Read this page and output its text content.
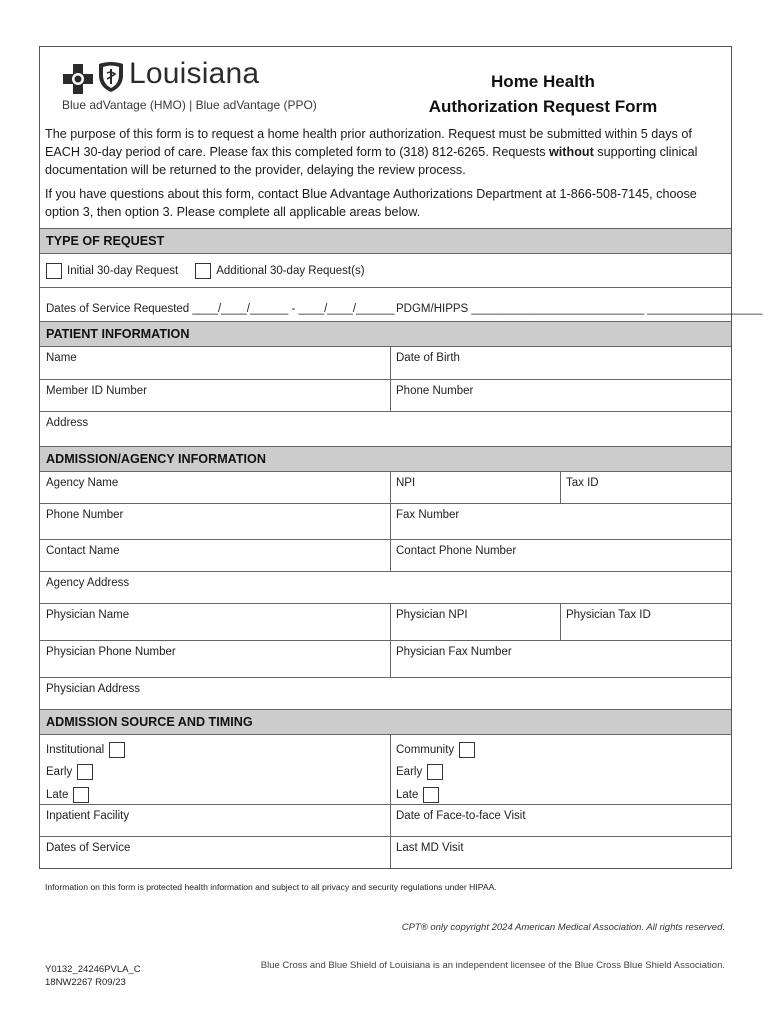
Louisiana
Blue adVantage (HMO) | Blue adVantage (PPO)
Home Health
Authorization Request Form

The purpose of this form is to request a home health prior authorization. Request must be submitted within 5 days of EACH 30-day period of care. Please fax this completed form to (318) 812-6265. Requests without supporting clinical documentation will be returned to the provider, delaying the review process.

If you have questions about this form, contact Blue Advantage Authorizations Department at 1-866-508-7145, choose option 3, then option 3. Please complete all applicable areas below.

TYPE OF REQUEST
Initial 30-day Request	Additional 30-day Request(s)
Dates of Service Requested ____/____/______ - ____/____/______ PDGM/HIPPS ___________________________ __________________
PATIENT INFORMATION
Name	Date of Birth
Member ID Number	Phone Number
Address
ADMISSION/AGENCY INFORMATION
Agency Name	NPI	Tax ID
Phone Number	Fax Number
Contact Name	Contact Phone Number
Agency Address
Physician Name	Physician NPI	Physician Tax ID
Physician Phone Number	Physician Fax Number
Physician Address
ADMISSION SOURCE AND TIMING
Institutional
Early
Late
Community
Early
Late
Inpatient Facility	Date of Face-to-face Visit
Dates of Service	Last MD Visit
Information on this form is protected health information and subject to all privacy and security regulations under HIPAA.
CPT® only copyright 2024 American Medical Association. All rights reserved.
Y0132_24246PVLA_C
18NW2267 R09/23
Blue Cross and Blue Shield of Louisiana is an independent licensee of the Blue Cross Blue Shield Association.
